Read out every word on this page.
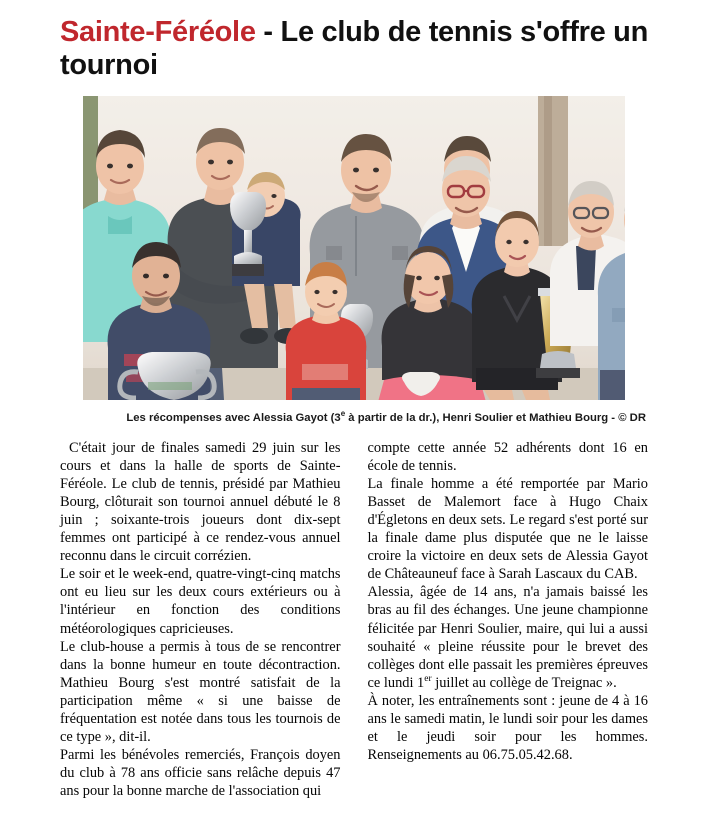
Sainte-Féréole - Le club de tennis s'offre un tournoi

Les récompenses avec Alessia Gayot (3e à partir de la dr.), Henri Soulier et Mathieu Bourg - © DR

C'était jour de finales samedi 29 juin sur les cours et dans la halle de sports de Sainte-Féréole. Le club de tennis, présidé par Mathieu Bourg, clôturait son tournoi annuel débuté le 8 juin ; soixante-trois joueurs dont dix-sept femmes ont participé à ce rendez-vous annuel reconnu dans le circuit corrézien.

Le soir et le week-end, quatre-vingt-cinq matchs ont eu lieu sur les deux cours extérieurs ou à l'intérieur en fonction des conditions météorologiques capricieuses.

Le club-house a permis à tous de se rencontrer dans la bonne humeur en toute décontraction. Mathieu Bourg s'est montré satisfait de la participation même « si une baisse de fréquentation est notée dans tous les tournois de ce type », dit-il.

Parmi les bénévoles remerciés, François doyen du club à 78 ans officie sans relâche depuis 47 ans pour la bonne marche de l'association qui

compte cette année 52 adhérents dont 16 en école de tennis.

La finale homme a été remportée par Mario Basset de Malemort face à Hugo Chaix d'Égletons en deux sets. Le regard s'est porté sur la finale dame plus disputée que ne le laisse croire la victoire en deux sets de Alessia Gayot de Châteauneuf face à Sarah Lascaux du CAB.

Alessia, âgée de 14 ans, n'a jamais baissé les bras au fil des échanges. Une jeune championne félicitée par Henri Soulier, maire, qui lui a aussi souhaité « pleine réussite pour le brevet des collèges dont elle passait les premières épreuves ce lundi 1er juillet au collège de Treignac ».

À noter, les entraînements sont : jeune de 4 à 16 ans le samedi matin, le lundi soir pour les dames et le jeudi soir pour les hommes. Renseignements au 06.75.05.42.68.
